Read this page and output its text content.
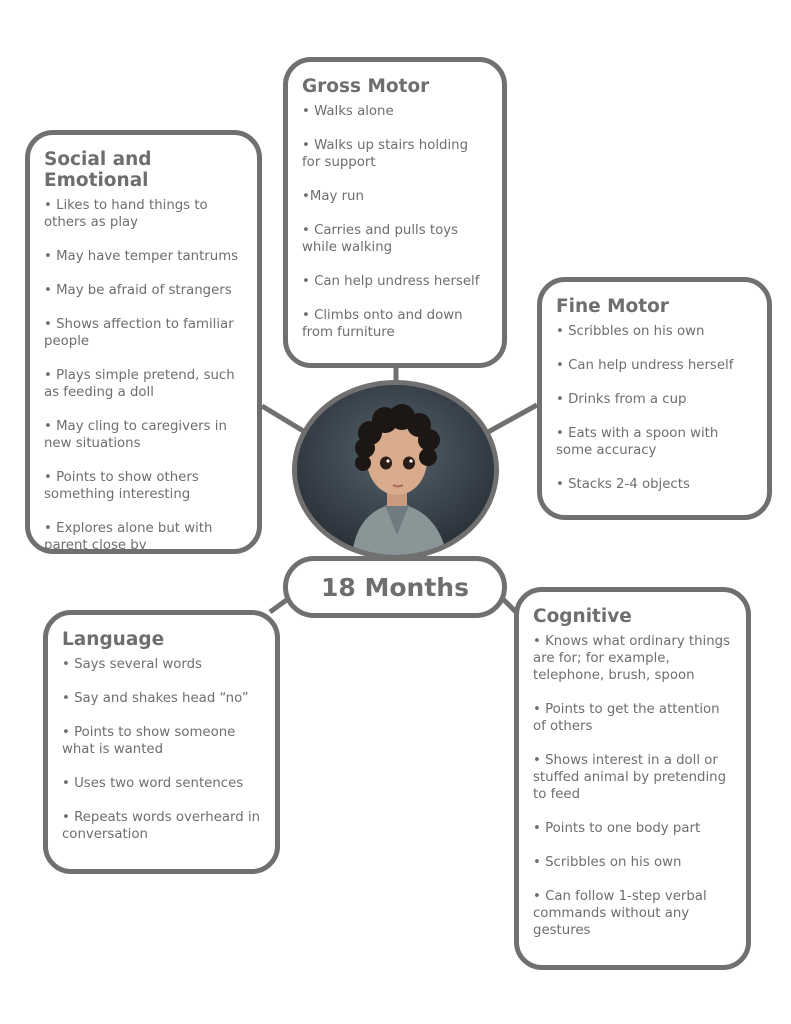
Social and Emotional
• Likes to hand things to others as play
• May have temper tantrums
• May be afraid of strangers
• Shows affection to familiar people
• Plays simple pretend, such as feeding a doll
• May cling to caregivers in new situations
• Points to show others something interesting
• Explores alone but with parent close by
Gross Motor
• Walks alone
• Walks up stairs holding for support
•May run
• Carries and pulls toys while walking
• Can help undress herself
• Climbs onto and down from furniture
Fine Motor
• Scribbles on his own
• Can help undress herself
• Drinks from a cup
• Eats with a spoon with some accuracy
• Stacks 2-4 objects
18 Months
Language
• Says several words
• Say and shakes head “no”
• Points to show someone what is wanted
• Uses two word sentences
• Repeats words overheard in conversation
Cognitive
• Knows what ordinary things are for; for example, telephone, brush, spoon
• Points to get the attention of others
• Shows interest in a doll or stuffed animal by pretending to feed
• Points to one body part
• Scribbles on his own
• Can follow 1-step verbal commands without any gestures
